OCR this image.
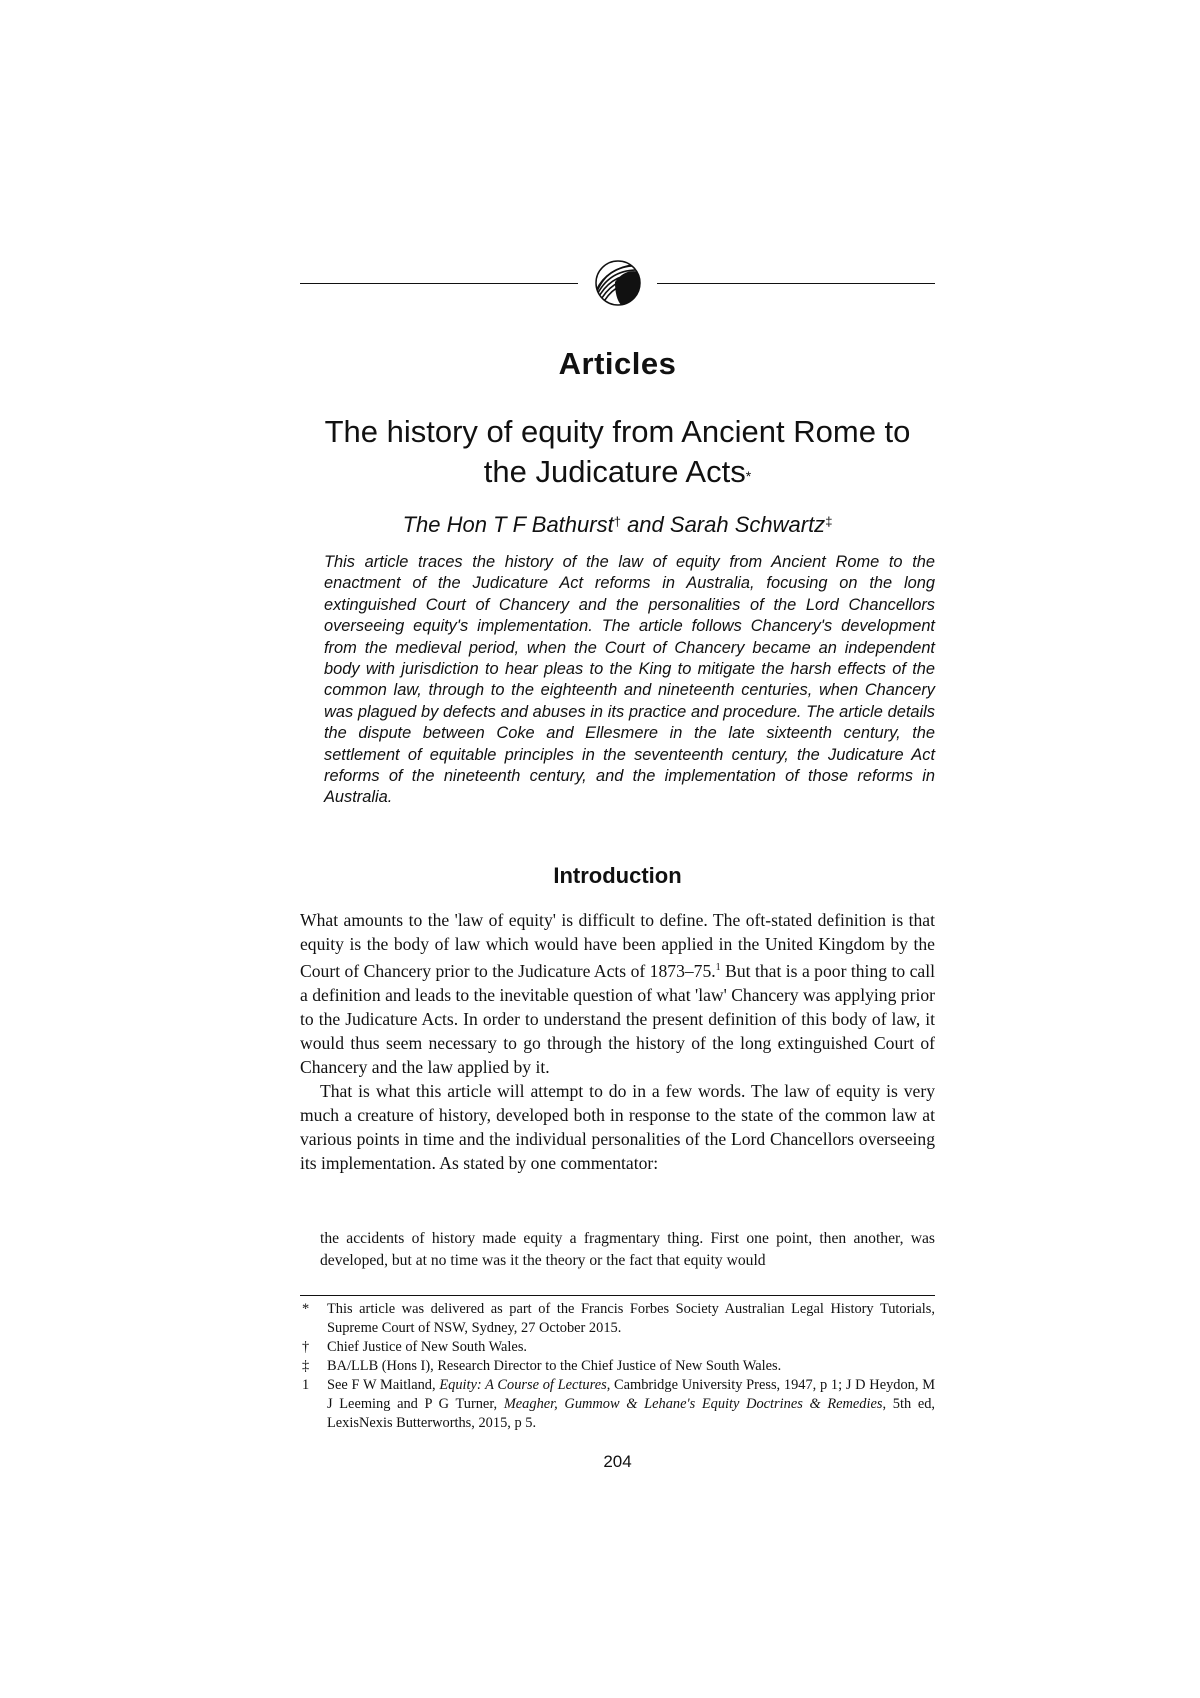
Articles
The history of equity from Ancient Rome to
the Judicature Acts*
The Hon T F Bathurst† and Sarah Schwartz‡

This article traces the history of the law of equity from Ancient Rome to the enactment of the Judicature Act reforms in Australia, focusing on the long extinguished Court of Chancery and the personalities of the Lord Chancellors overseeing equity's implementation. The article follows Chancery's development from the medieval period, when the Court of Chancery became an independent body with jurisdiction to hear pleas to the King to mitigate the harsh effects of the common law, through to the eighteenth and nineteenth centuries, when Chancery was plagued by defects and abuses in its practice and procedure. The article details the dispute between Coke and Ellesmere in the late sixteenth century, the settlement of equitable principles in the seventeenth century, the Judicature Act reforms of the nineteenth century, and the implementation of those reforms in Australia.

Introduction

What amounts to the 'law of equity' is difficult to define. The oft-stated definition is that equity is the body of law which would have been applied in the United Kingdom by the Court of Chancery prior to the Judicature Acts of 1873–75.$^1$ But that is a poor thing to call a definition and leads to the inevitable question of what 'law' Chancery was applying prior to the Judicature Acts. In order to understand the present definition of this body of law, it would thus seem necessary to go through the history of the long extinguished Court of Chancery and the law applied by it.

That is what this article will attempt to do in a few words. The law of equity is very much a creature of history, developed both in response to the state of the common law at various points in time and the individual personalities of the Lord Chancellors overseeing its implementation. As stated by one commentator:

the accidents of history made equity a fragmentary thing. First one point, then another, was developed, but at no time was it the theory or the fact that equity would

*	This article was delivered as part of the Francis Forbes Society Australian Legal History Tutorials, Supreme Court of NSW, Sydney, 27 October 2015.
†	Chief Justice of New South Wales.
‡	BA/LLB (Hons I), Research Director to the Chief Justice of New South Wales.
1	See F W Maitland, Equity: A Course of Lectures, Cambridge University Press, 1947, p 1; J D Heydon, M J Leeming and P G Turner, Meagher, Gummow & Lehane's Equity Doctrines & Remedies, 5th ed, LexisNexis Butterworths, 2015, p 5.
204
